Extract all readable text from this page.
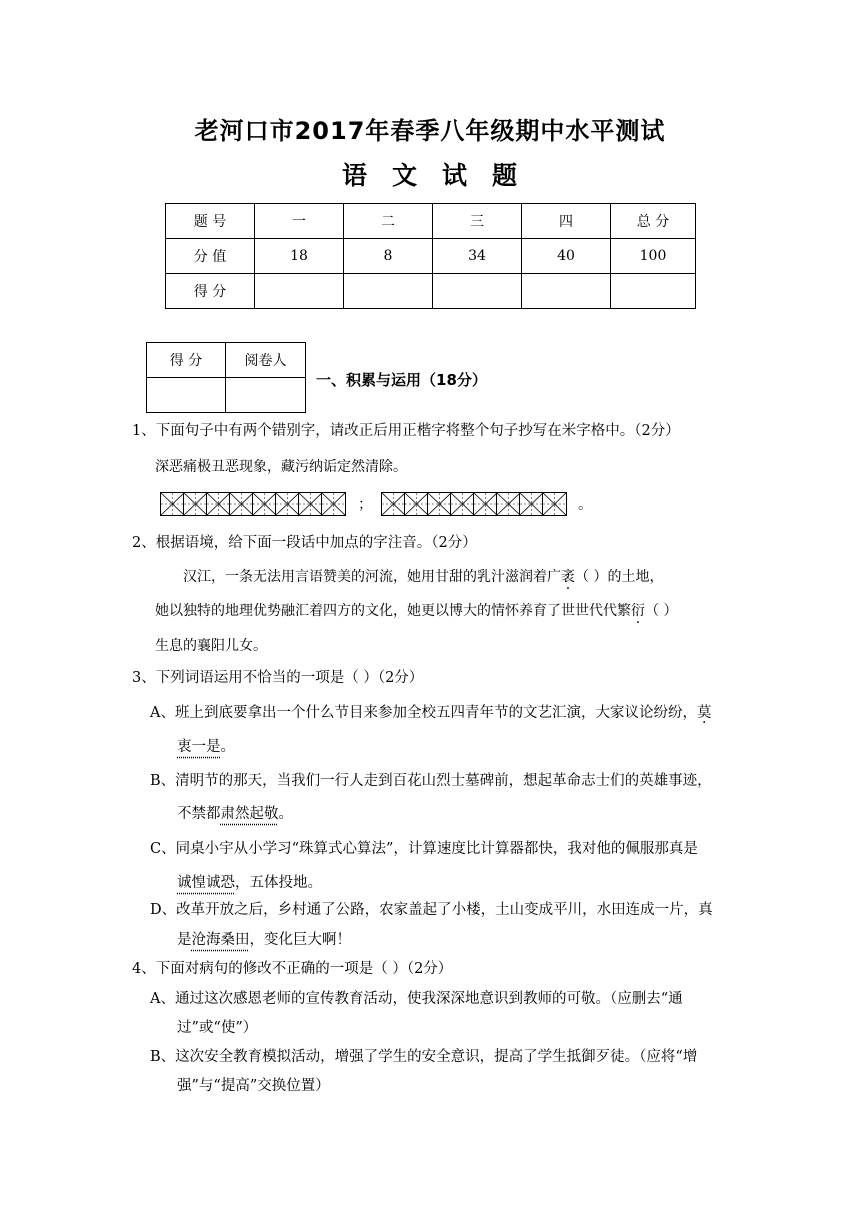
老河口市2017年春季八年级期中水平测试
语 文 试 题
题 号	一	二	三	四	总 分
分 值	18	8	34	40	100
得 分					
得 分	阅卷人

一、积累与运用（18分）
1、下面句子中有两个错别字，请改正后用正楷字将整个句子抄写在米字格中。（2分）
深恶痛极丑恶现象，藏污纳诟定然清除。
；	。
2、根据语境，给下面一段话中加点的字注音。（2分）
汉江，一条无法用言语赞美的河流，她用甘甜的乳汁滋润着广袤（ ）的土地，
她以独特的地理优势融汇着四方的文化，她更以博大的情怀养育了世世代代繁衍（ ）
生息的襄阳儿女。
3、下列词语运用不恰当的一项是（ ）（2分）
A、班上到底要拿出一个什么节目来参加全校五四青年节的文艺汇演，大家议论纷纷，莫
衷一是。
B、清明节的那天，当我们一行人走到百花山烈士墓碑前，想起革命志士们的英雄事迹，
不禁都肃然起敬。
C、同桌小宇从小学习“珠算式心算法”，计算速度比计算器都快，我对他的佩服那真是
诚惶诚恐，五体投地。
D、改革开放之后，乡村通了公路，农家盖起了小楼，土山变成平川，水田连成一片，真
是沧海桑田，变化巨大啊！
4、下面对病句的修改不正确的一项是（ ）（2分）
A、通过这次感恩老师的宣传教育活动，使我深深地意识到教师的可敬。（应删去“通
过”或“使”）
B、这次安全教育模拟活动，增强了学生的安全意识，提高了学生抵御歹徒。（应将“增
强”与“提高”交换位置）
